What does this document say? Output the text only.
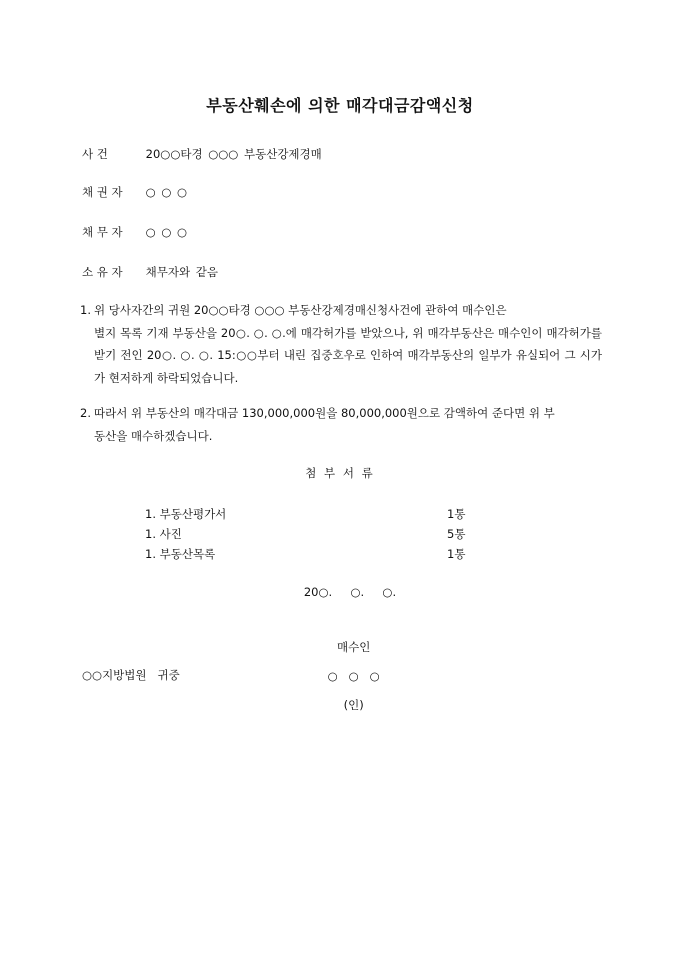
부동산훼손에 의한 매각대금감액신청
사 건	20○○타경 ○○○ 부동산강제경매
채 권 자 ○ ○ ○
채 무 자 ○ ○ ○
소 유 자 채무자와 같음
1. 위 당사자간의 귀원 20○○타경 ○○○ 부동산강제경매신청사건에 관하여 매수인은
별지 목록 기재 부동산을 20○. ○. ○.에 매각허가를 받았으나, 위 매각부동산은 매수인이 매각허가를 받기 전인 20○. ○. ○. 15:○○부터 내린 집중호우로 인하여 매각부동산의 일부가 유실되어 그 시가가 현저하게 하락되었습니다.
2. 따라서 위 부동산의 매각대금 130,000,000원을 80,000,000원으로 감액하여 준다면 위 부
동산을 매수하겠습니다.
첨 부 서 류
1. 부동산평가서	1통
1. 사진	5통
1. 부동산목록	1통
20○.     ○.     ○.

매수인

○   ○   ○

(인)

○○지방법원   귀중
